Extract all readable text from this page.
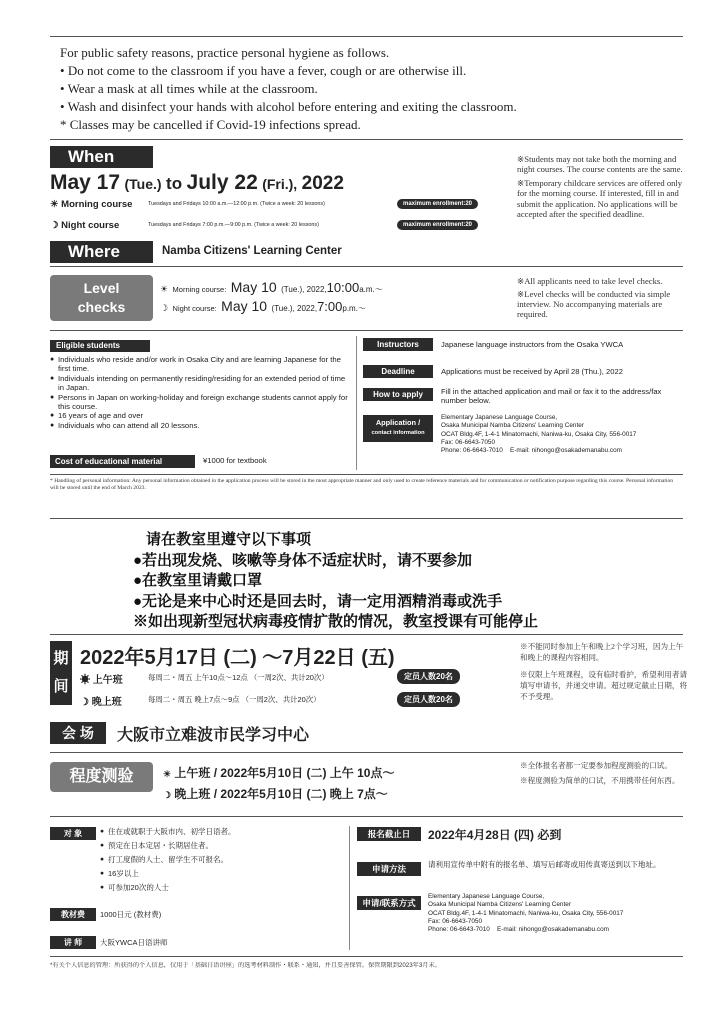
For public safety reasons, practice personal hygiene as follows.
• Do not come to the classroom if you have a fever, cough or are otherwise ill.
• Wear a mask at all times while at the classroom.
• Wash and disinfect your hands with alcohol before entering and exiting the classroom.
* Classes may be cancelled if Covid-19 infections spread.
When
May 17 (Tue.) to July 22 (Fri.), 2022
☀ Morning course	Tuesdays and Fridays 10:00 a.m.—12:00 p.m. (Twice a week: 20 lessons)	maximum enrollment:20
☽ Night course	Tuesdays and Fridays 7:00 p.m.—9:00 p.m. (Twice a week: 20 lessons)	maximum enrollment:20
Where	Namba Citizens' Learning Center
※Students may not take both the morning and night courses. The course contents are the same.
※Temporary childcare services are offered only for the morning course. If interested, fill in and submit the application. No applications will be accepted after the specified deadline.
Level
checks
☀ Morning course: May 10 (Tue.), 2022,10:00a.m.～
☽ Night course: May 10 (Tue.), 2022,7:00p.m.～
※All applicants need to take level checks.
※Level checks will be conducted via simple interview. No accompanying materials are required.
Eligible students
● Individuals who reside and/or work in Osaka City and are learning Japanese for the first time.
● Individuals intending on permanently residing/residing for an extended period of time in Japan.
● Persons in Japan on working-holiday and foreign exchange students cannot apply for this course.
● 16 years of age and over
● Individuals who can attend all 20 lessons.
Cost of educational material	¥1000 for textbook
Instructors	Japanese language instructors from the Osaka YWCA
Deadline	Applications must be received by April 28 (Thu.), 2022
How to apply	Fill in the attached application and mail or fax it to the address/fax number below.
Application /
contact information
Elementary Japanese Language Course,
Osaka Municipal Namba Citizens' Learning Center
OCAT Bldg.4F, 1-4-1 Minatomachi, Naniwa-ku, Osaka City, 556-0017
Fax: 06-6643-7050
Phone: 06-6643-7010 E-mail: nihongo@osakademanabu.com
* Handling of personal information: Any personal information obtained in the application process will be stored in the most appropriate manner and only used to create reference materials and for communication or notification purpose regarding this course. Personal information will be stored until the end of March 2023.
请在教室里遵守以下事项
●若出现发烧、咳嗽等身体不适症状时，请不要参加
●在教室里请戴口罩
●无论是来中心时还是回去时，请一定用酒精消毒或洗手
※如出现新型冠状病毒疫情扩散的情况，教室授课有可能停止
期
间
2022年5月17日 (二) ～7月22日 (五)
☀ 上午班	每周二・周五 上午10点～12点 （一周2次、共计20次）	定员人数20名
☽ 晚上班	每周二・周五 晚上7点～9点 （一周2次、共计20次）	定员人数20名
※不能同时参加上午和晚上2个学习班，因为上午和晚上的课程内容相同。
※仅限上午班课程，设有临时看护，希望利用者请填写申请书，并递交申请。超过规定截止日期，将不予受理。
会 场	大阪市立难波市民学习中心
程度测验	☀ 上午班 / 2022年5月10日 (二) 上午 10点～
☽ 晚上班 / 2022年5月10日 (二) 晚上 7点～
※全体报名者都一定要参加程度测验的口试。
※程度测验为简单的口试，不用携带任何东西。
对 象
●	住在或就职于大阪市内、初学日语者。
● 预定在日本定居・长期居住者。
● 打工度假的人士、留学生不可报名。
● 16岁以上
● 可参加20次的人士
教材费	1000日元 (教材费)
讲 师	大阪YWCA日语讲师
报名截止日	2022年4月28日 (四) 必到
申请方法	请利用宣传单中附有的报名单、填写后邮寄或用传真寄送到以下地址。
申请/联系方式
Elementary Japanese Language Course,
Osaka Municipal Namba Citizens' Learning Center
OCAT Bldg.4F, 1-4-1 Minatomachi, Naniwa-ku, Osaka City, 556-0017
Fax: 06-6643-7050
Phone: 06-6643-7010 E-mail: nihongo@osakademanabu.com
*有关个人信息的管理：所获得的个人信息，仅用于「基础日语讲座」的选考材料制作・联系・通知，并且妥善保管。保管期限到2023年3月末。
